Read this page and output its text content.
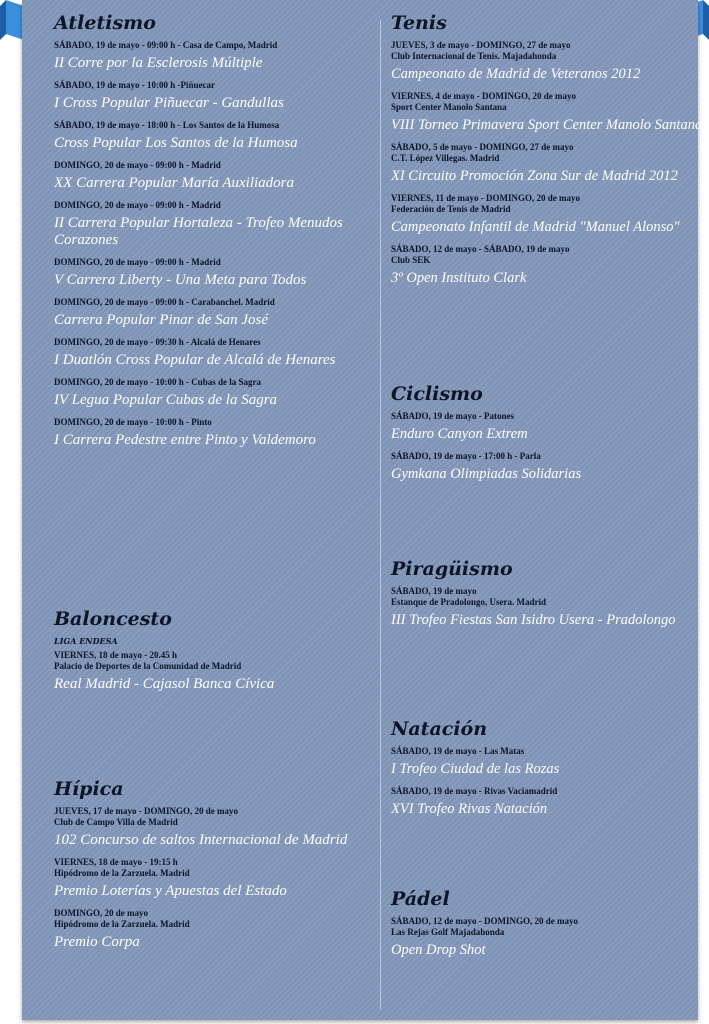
Atletismo
SÁBADO, 19 de mayo - 09:00 h - Casa de Campo, Madrid
II Corre por la Esclerosis Múltiple
SÁBADO, 19 de mayo - 10:00 h -Piñuecar
I Cross Popular Piñuecar - Gandullas
SÁBADO, 19 de mayo - 18:00 h - Los Santos de la Humosa
Cross Popular Los Santos de la Humosa
DOMINGO, 20 de mayo - 09:00 h - Madrid
XX Carrera Popular María Auxiliadora
DOMINGO, 20 de mayo - 09:00 h - Madrid
II Carrera Popular Hortaleza - Trofeo Menudos Corazones
DOMINGO, 20 de mayo - 09:00 h - Madrid
V Carrera Liberty - Una Meta para Todos
DOMINGO, 20 de mayo - 09:00 h - Carabanchel. Madrid
Carrera Popular Pinar de San José
DOMINGO, 20 de mayo - 09:30 h - Alcalá de Henares
I Duatlón Cross Popular de Alcalá de Henares
DOMINGO, 20 de mayo - 10:00 h - Cubas de la Sagra
IV Legua Popular Cubas de la Sagra
DOMINGO, 20 de mayo - 10:00 h - Pinto
I Carrera Pedestre entre Pinto y Valdemoro
Baloncesto
LIGA ENDESA
VIERNES, 18 de mayo - 20.45 h
Palacio de Deportes de la Comunidad de Madrid
Real Madrid - Cajasol Banca Cívica
Hípica
JUEVES, 17 de mayo - DOMINGO, 20 de mayo
Club de Campo Villa de Madrid
102 Concurso de saltos Internacional de Madrid
VIERNES, 18 de mayo - 19:15 h
Hipódromo de la Zarzuela. Madrid
Premio Loterías y Apuestas del Estado
DOMINGO, 20 de mayo
Hipódromo de la Zarzuela. Madrid
Premio Corpa
Tenis
JUEVES, 3 de mayo - DOMINGO, 27 de mayo
Club Internacional de Tenis. Majadahonda
Campeonato de Madrid de Veteranos 2012
VIERNES, 4 de mayo - DOMINGO, 20 de mayo
Sport Center Manolo Santana
VIII Torneo Primavera Sport Center Manolo Santana
SÁBADO, 5 de mayo - DOMINGO, 27 de mayo
C.T. López Villegas. Madrid
XI Circuito Promoción Zona Sur de Madrid 2012
VIERNES, 11 de mayo - DOMINGO, 20 de mayo
Federación de Tenis de Madrid
Campeonato Infantil de Madrid "Manuel Alonso"
SÁBADO, 12 de mayo - SÁBADO, 19 de mayo
Club SEK
3º Open Instituto Clark
Ciclismo
SÁBADO, 19 de mayo - Patones
Enduro Canyon Extrem
SÁBADO, 19 de mayo - 17:00 h - Parla
Gymkana Olimpiadas Solidarias
Piragüismo
SÁBADO, 19 de mayo
Estanque de Pradolongo, Usera. Madrid
III Trofeo Fiestas San Isidro Usera - Pradolongo
Natación
SÁBADO, 19 de mayo - Las Matas
I Trofeo Ciudad de las Rozas
SÁBADO, 19 de mayo - Rivas Vaciamadrid
XVI Trofeo Rivas Natación
Pádel
SÁBADO, 12 de mayo - DOMINGO, 20 de mayo
Las Rejas Golf Majadahonda
Open Drop Shot
